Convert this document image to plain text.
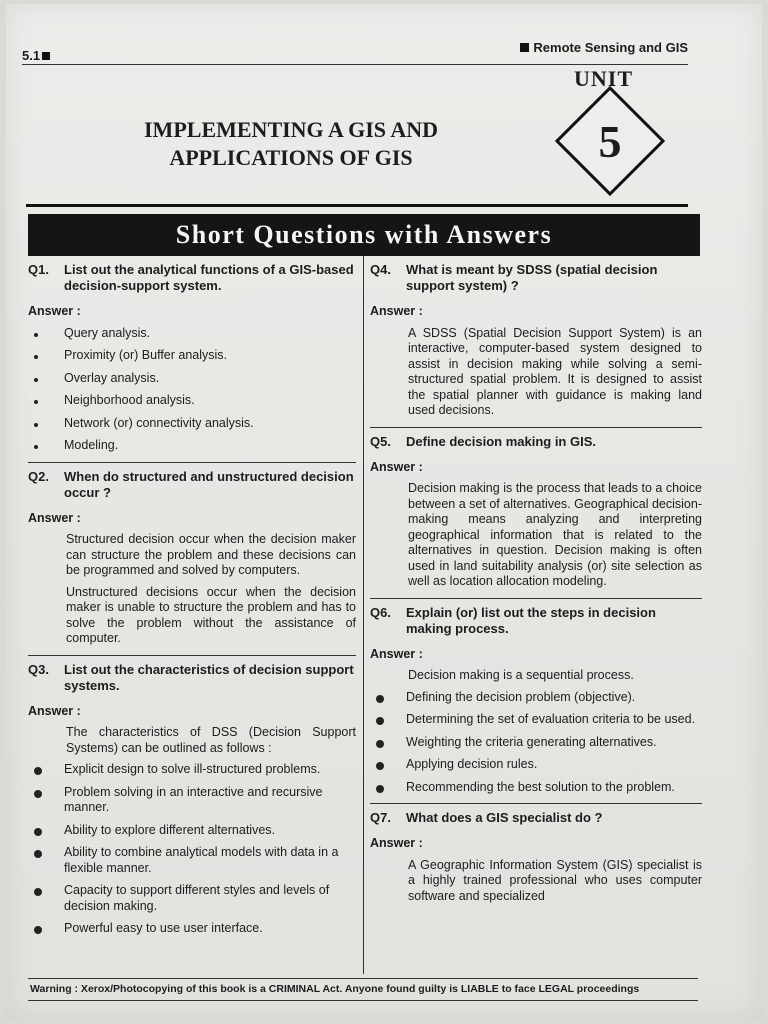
5.1
Remote Sensing and GIS
UNIT
5
IMPLEMENTING A GIS AND
APPLICATIONS OF GIS
Short Questions with Answers
Q1.	List out the analytical functions of a GIS-based decision-support system.
Answer :
Query analysis.
Proximity (or) Buffer analysis.
Overlay analysis.
Neighborhood analysis.
Network (or) connectivity analysis.
Modeling.
Q2.	When do structured and unstructured decision occur ?
Answer :

Structured decision occur when the decision maker can structure the problem and these decisions can be programmed and solved by computers.

Unstructured decisions occur when the decision maker is unable to structure the problem and has to solve the problem without the assistance of computer.

Q3.	List out the characteristics of decision support systems.
Answer :

The characteristics of DSS (Decision Support Systems) can be outlined as follows :

Explicit design to solve ill-structured problems.
Problem solving in an interactive and recursive manner.
Ability to explore different alternatives.
Ability to combine analytical models with data in a flexible manner.
Capacity to support different styles and levels of decision making.
Powerful easy to use user interface.
Q4.	What is meant by SDSS (spatial decision support system) ?
Answer :

A SDSS (Spatial Decision Support System) is an interactive, computer-based system designed to assist in decision making while solving a semi-structured spatial problem. It is designed to assist the spatial planner with guidance is making land used decisions.

Q5.	Define decision making in GIS.
Answer :

Decision making is the process that leads to a choice between a set of alternatives. Geographical decision-making means analyzing and interpreting geographical information that is related to the alternatives in question. Decision making is often used in land suitability analysis (or) site selection as well as location allocation modeling.

Q6.	Explain (or) list out the steps in decision making process.
Answer :

Decision making is a sequential process.

Defining the decision problem (objective).
Determining the set of evaluation criteria to be used.
Weighting the criteria generating alternatives.
Applying decision rules.
Recommending the best solution to the problem.
Q7.	What does a GIS specialist do ?
Answer :

A Geographic Information System (GIS) specialist is a highly trained professional who uses computer software and specialized

Warning : Xerox/Photocopying of this book is a CRIMINAL Act. Anyone found guilty is LIABLE to face LEGAL proceedings
